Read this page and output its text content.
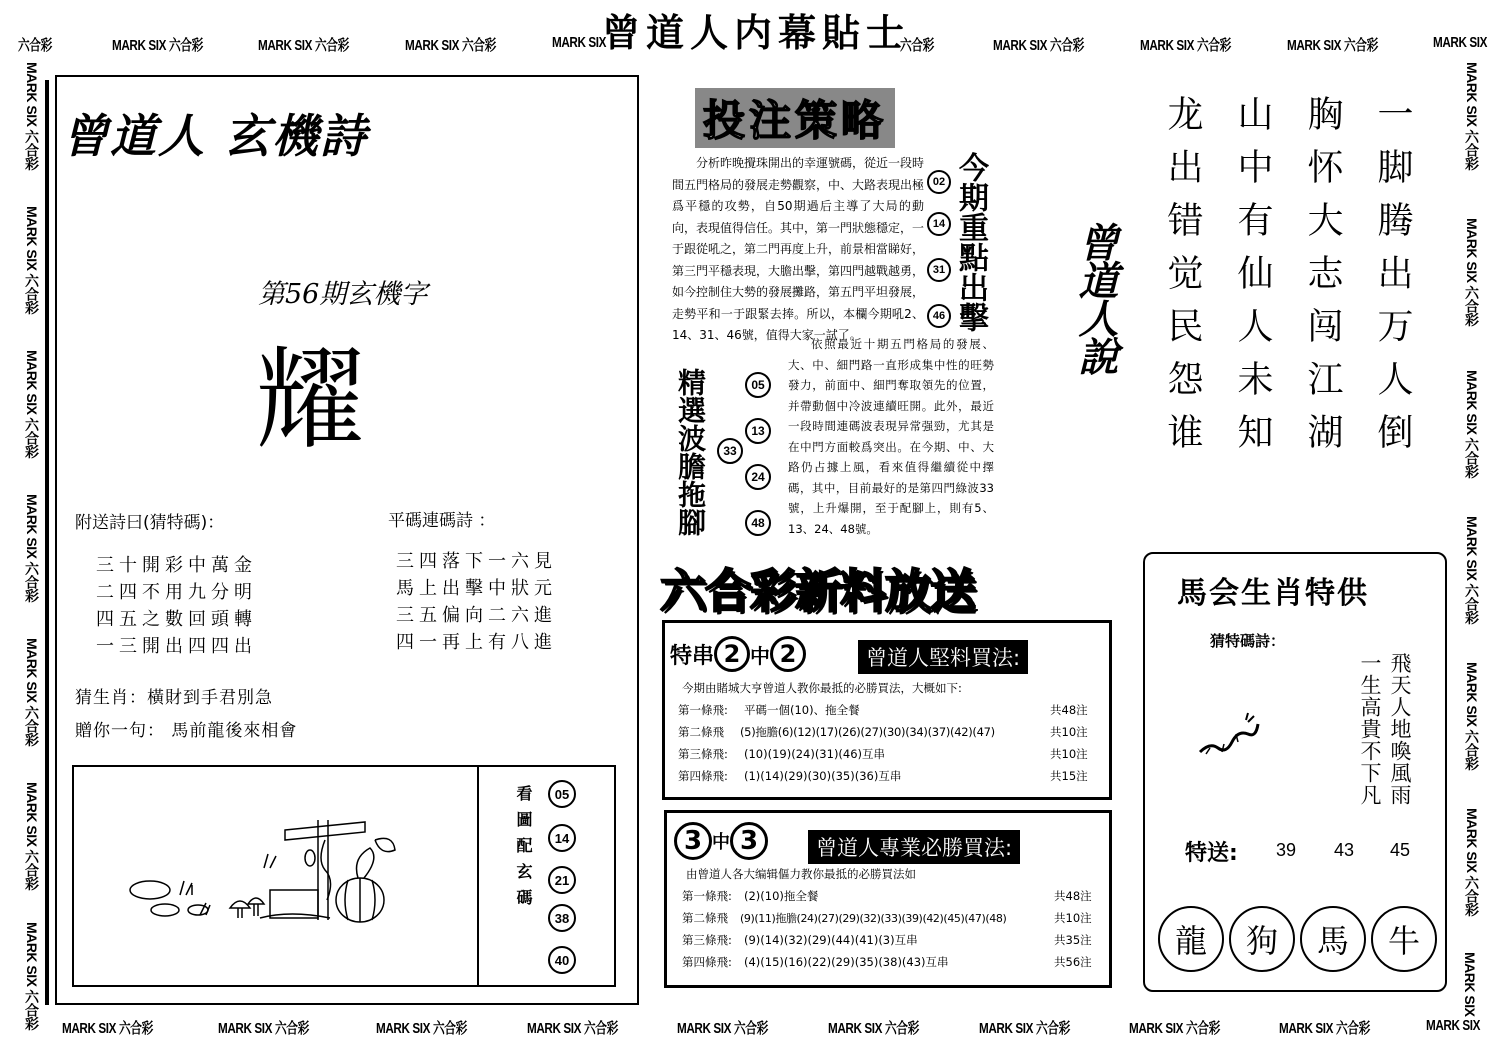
曾道人内幕貼士
六合彩	MARK SIX 六合彩	MARK SIX 六合彩	MARK SIX 六合彩	MARK SIX	六合彩	MARK SIX 六合彩	MARK SIX 六合彩	MARK SIX 六合彩	MARK SIX
MARK SIX 六合彩	MARK SIX 六合彩	MARK SIX 六合彩	MARK SIX 六合彩	MARK SIX 六合彩	MARK SIX 六合彩	MARK SIX 六合彩	MARK SIX 六合彩	MARK SIX 六合彩	MARK SIX
MARK SIX 六合彩
MARK SIX 六合彩
MARK SIX 六合彩
MARK SIX 六合彩
MARK SIX 六合彩
MARK SIX 六合彩
MARK SIX 六合彩
MARK SIX 六合彩
MARK SIX 六合彩
MARK SIX 六合彩
MARK SIX 六合彩
MARK SIX 六合彩
MARK SIX 六合彩
MARK SIX
曾道人 玄機詩
第56期玄機字
耀
附送詩曰(猜特碼)：
三十開彩中萬金
二四不用九分明
四五之數回頭轉
一三開出四四出
平碼連碼詩 ：
三四落下一六見
馬上出擊中狀元
三五偏向二六進
四一再上有八進
猜生肖：橫財到手君別急
贈你一句： 馬前龍後來相會
看圖配玄碼	05
14
21
38
40
投注策略
分析昨晚攪珠開出的幸運號碼，從近一段時間五門格局的發展走勢觀察，中、大路表現出極爲平穩的攻勢，自50期過后主導了大局的動向，表現值得信任。其中，第一門狀態穩定，一于跟從吼之，第二門再度上升，前景相當睇好，第三門平穩表現，大膽出擊，第四門越戰越勇，如今控制住大勢的發展攤路，第五門平坦發展，走勢平和一于跟緊去捧。所以，本欄今期吼2、14、31、46號，值得大家一試了。
02
14
31
46 今期重點出擊
精選波膽拖腳	33
05
13
24
48
依照最近十期五門格局的發展、大、中、細門路一直形成集中性的旺勢發力，前面中、細門奪取領先的位置，并帶動個中冷波連續旺開。此外，最近一段時間連碼波表現异常强勁，尤其是在中門方面較爲突出。在今期、中、大路仍占據上風，看來值得繼續從中擇碼，其中，目前最好的是第四門綠波33號，上升爆開，至于配腳上，則有5、13、24、48號。
曾道人說
一脚腾出万人倒
胸怀大志闯江湖
山中有仙人未知
龙出错觉民怨谁
六合彩新料放送
特串 2 中 2	曾道人堅料買法:
今期由賭城大亨曾道人教你最抵的必勝買法，大概如下:
第一條飛: 平碼一個(10)、拖全餐	共48注
第二條飛 (5)拖膽(6)(12)(17)(26)(27)(30)(34)(37)(42)(47)	共10注
第三條飛: (10)(19)(24)(31)(46)互串	共10注
第四條飛: (1)(14)(29)(30)(35)(36)互串	共15注
3 中 3	曾道人專業必勝買法:
由曾道人各大编辑傴力教你最抵的必勝買法如
第一條飛: (2)(10)拖全餐	共48注
第二條飛 (9)(11)拖膽(24)(27)(29)(32)(33)(39)(42)(45)(47)(48)	共10注
第三條飛: (9)(14)(32)(29)(44)(41)(3)互串	共35注
第四條飛: (4)(15)(16)(22)(29)(35)(38)(43)互串	共56注
馬会生肖特供
猜特碼詩：
飛天人地喚風雨
一生高貴不下凡
特送: 39 43 45
龍	狗	馬	牛
